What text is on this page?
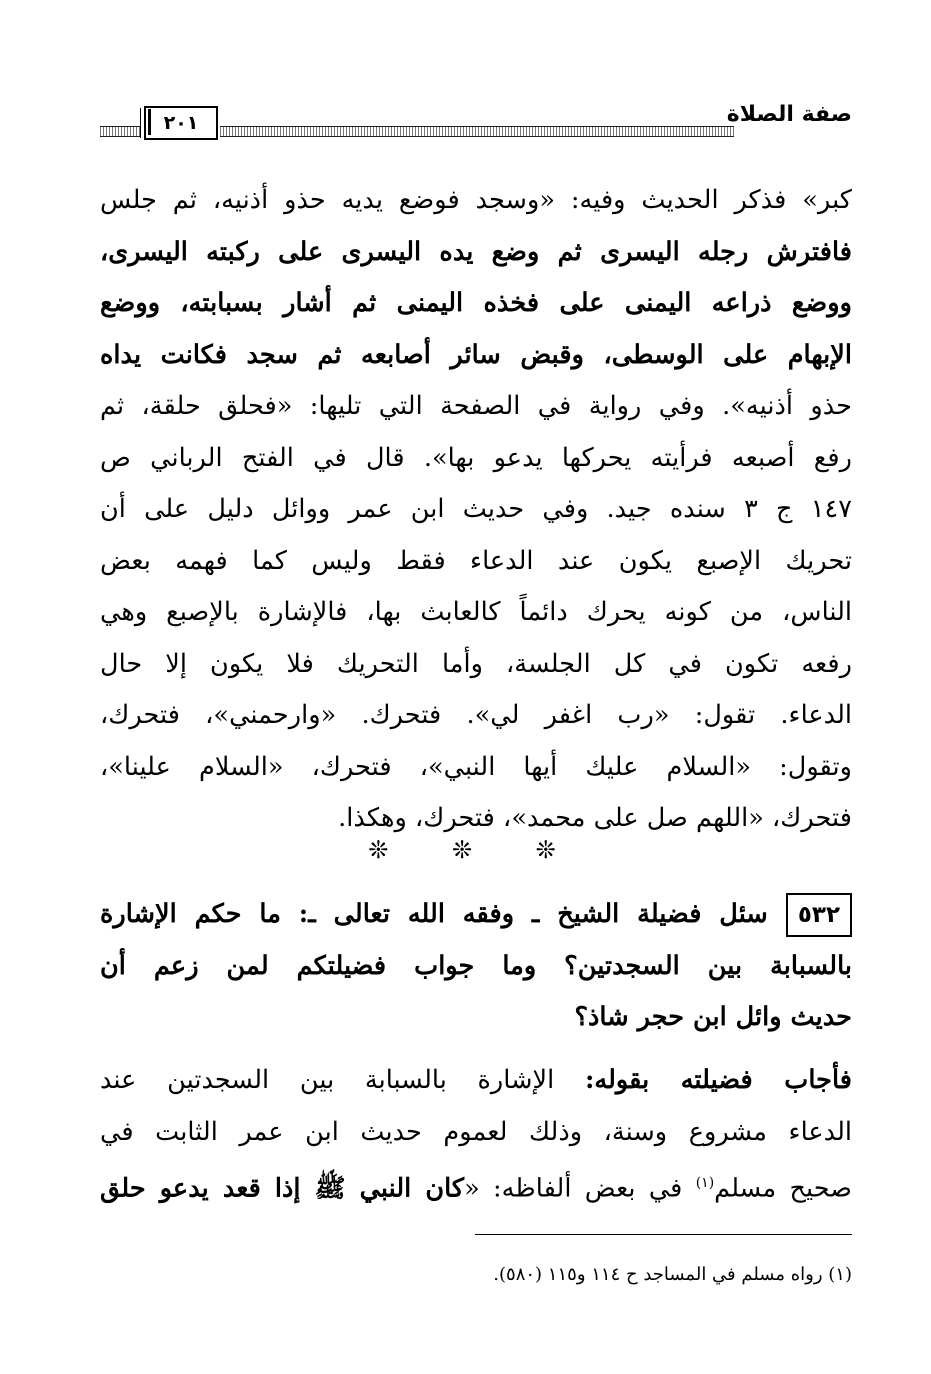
٢٠١	صفة الصلاة
كبر» فذكر الحديث وفيه: «وسجد فوضع يديه حذو أذنيه، ثم جلس
فافترش رجله اليسرى ثم وضع يده اليسرى على ركبته اليسرى،
ووضع ذراعه اليمنى على فخذه اليمنى ثم أشار بسبابته، ووضع
الإبهام على الوسطى، وقبض سائر أصابعه ثم سجد فكانت يداه
حذو أذنيه». وفي رواية في الصفحة التي تليها: «فحلق حلقة، ثم
رفع أصبعه فرأيته يحركها يدعو بها». قال في الفتح الرباني ص
١٤٧ ج ٣ سنده جيد. وفي حديث ابن عمر ووائل دليل على أن
تحريك الإصبع يكون عند الدعاء فقط وليس كما فهمه بعض
الناس، من كونه يحرك دائماً كالعابث بها، فالإشارة بالإصبع وهي
رفعه تكون في كل الجلسة، وأما التحريك فلا يكون إلا حال
الدعاء. تقول: «رب اغفر لي». فتحرك. «وارحمني»، فتحرك،
وتقول: «السلام عليك أيها النبي»، فتحرك، «السلام علينا»،
فتحرك، «اللهم صل على محمد»، فتحرك، وهكذا.
❊ ❊ ❊
٥٣٢سئل فضيلة الشيخ ـ وفقه الله تعالى ـ: ما حكم الإشارة
بالسبابة بين السجدتين؟ وما جواب فضيلتكم لمن زعم أن
حديث وائل ابن حجر شاذ؟
فأجاب فضيلته بقوله: الإشارة بالسبابة بين السجدتين عند
الدعاء مشروع وسنة، وذلك لعموم حديث ابن عمر الثابت في
صحيح مسلم$^{(١)}$ في بعض ألفاظه: «كان النبي ﷺ إذا قعد يدعو حلق
(١) رواه مسلم في المساجد ح ١١٤ و١١٥ (٥٨٠).
